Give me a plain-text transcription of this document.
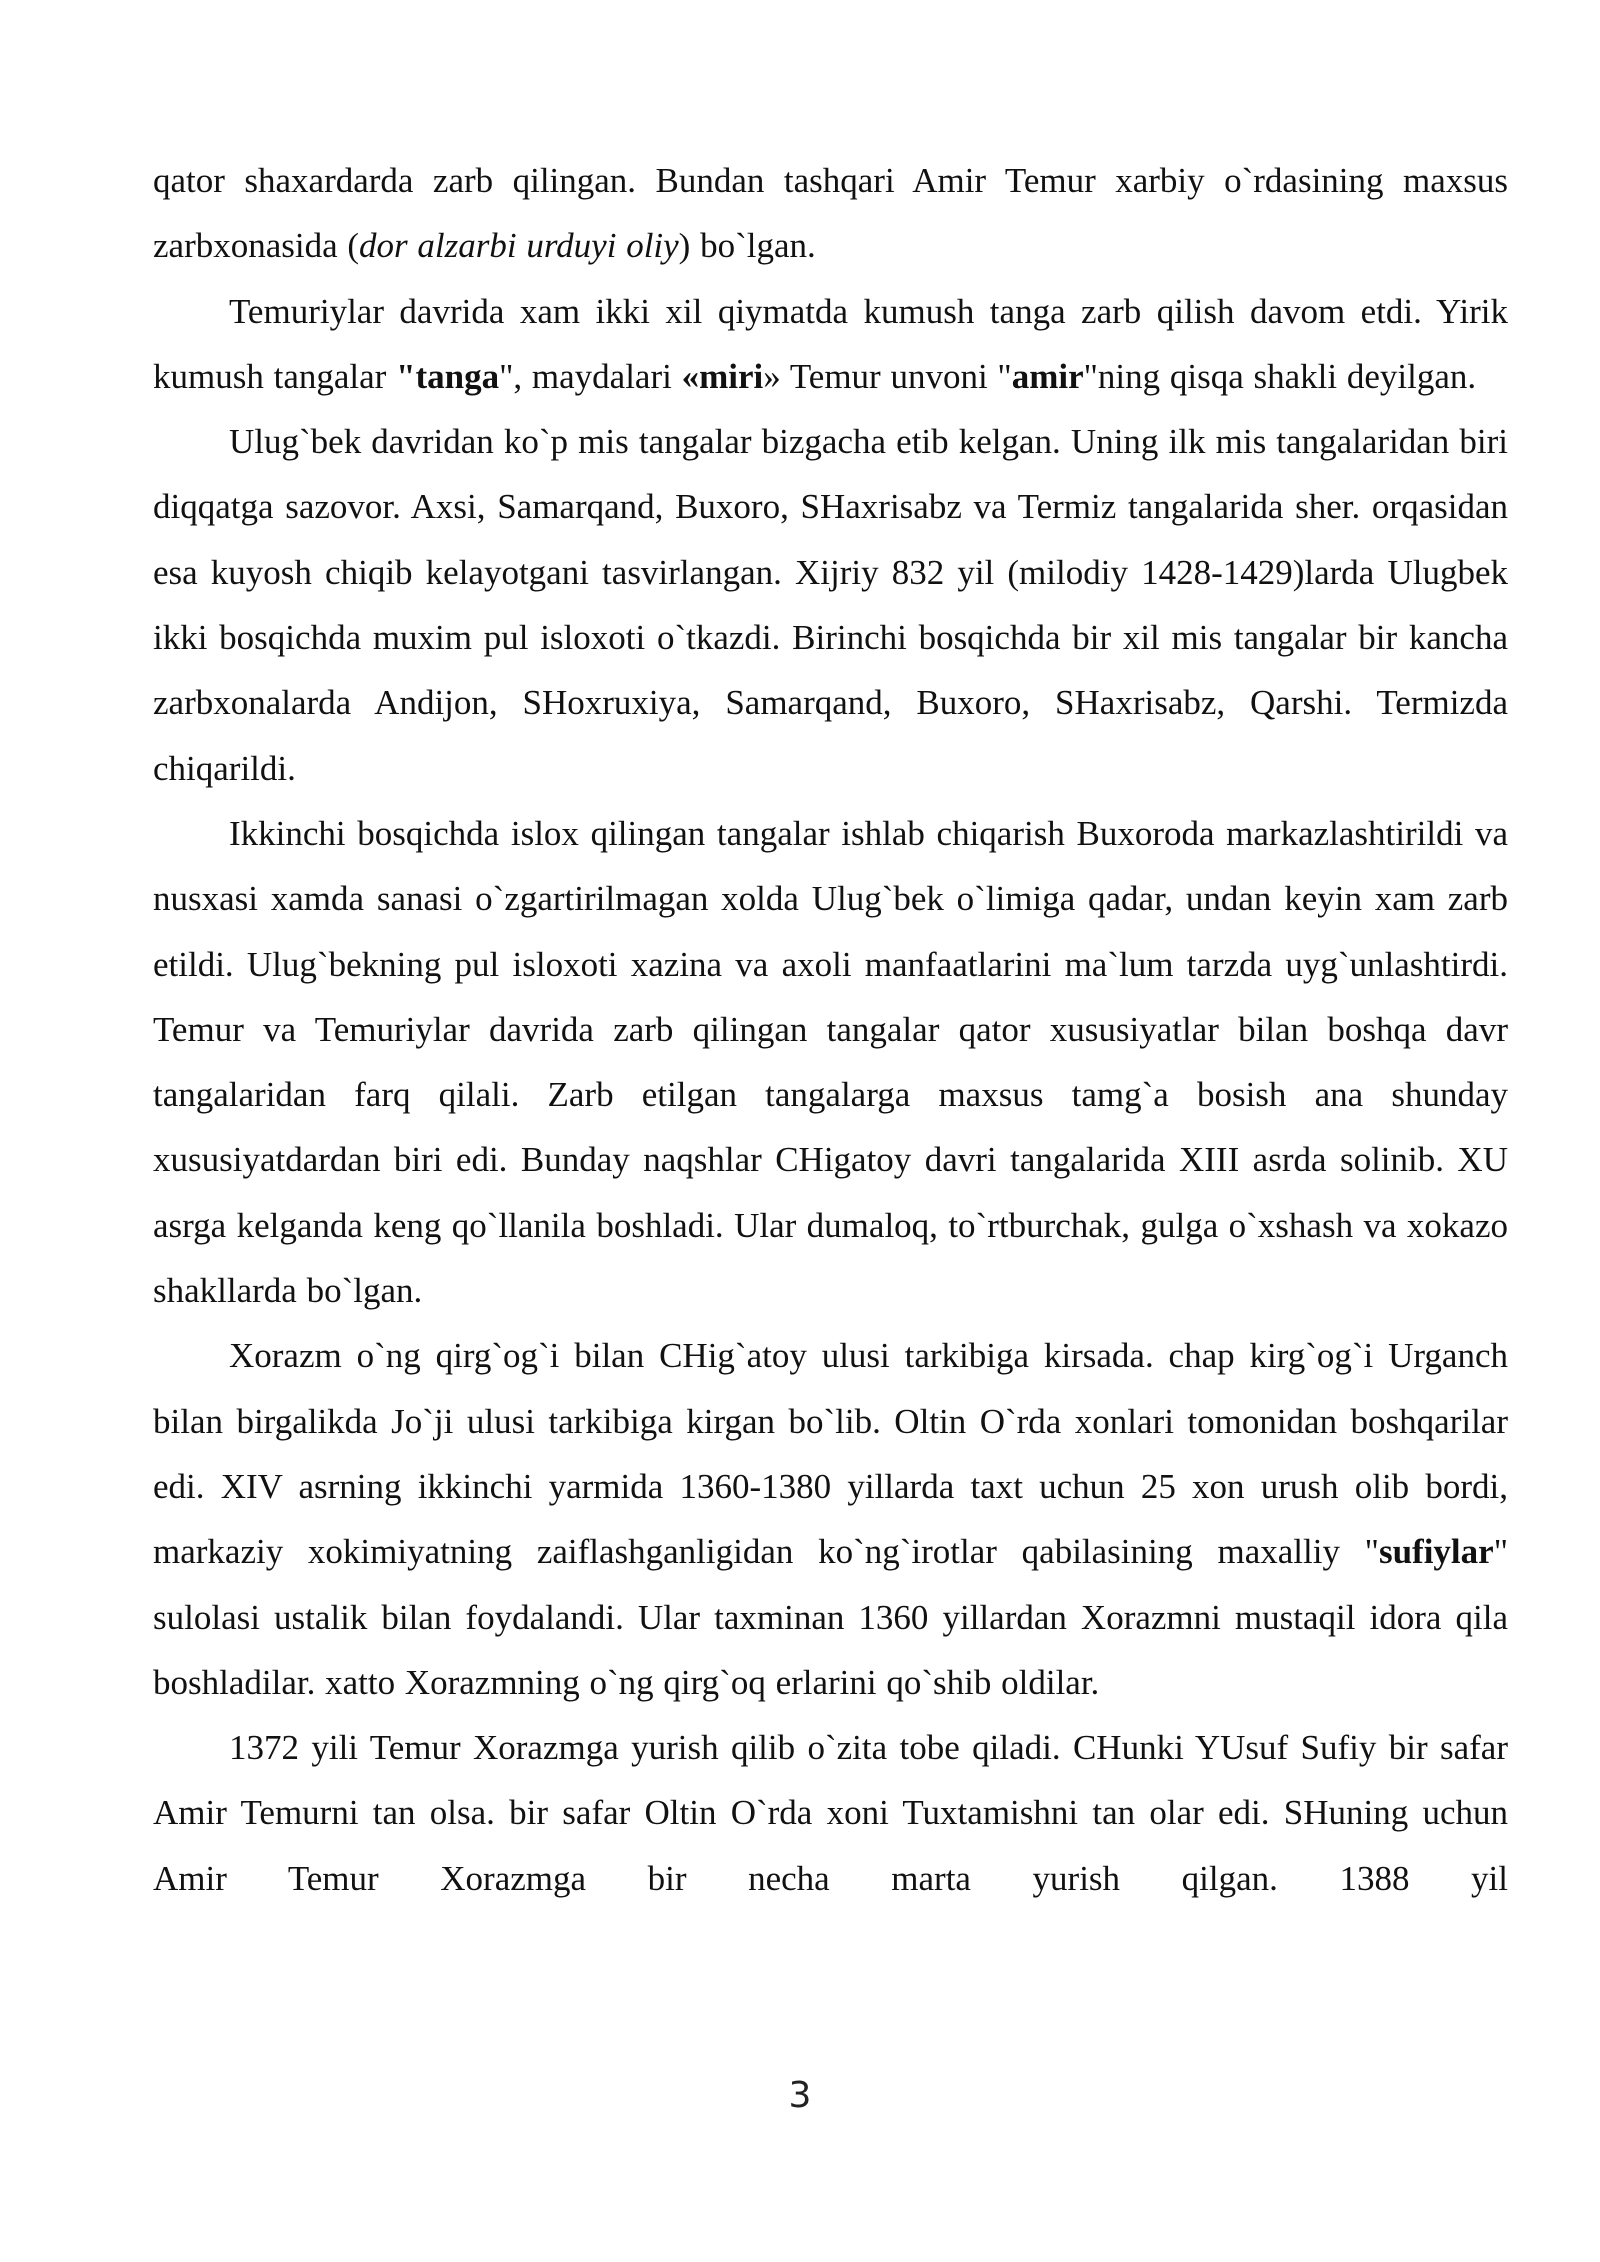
qator shaxardarda zarb qilingan. Bundan tashqari Amir Temur xarbiy o`rdasining maxsus zarbxonasida (dor alzarbi urduyi oliy) bo`lgan.

Temuriylar davrida xam ikki xil qiymatda kumush tanga zarb qilish davom etdi. Yirik kumush tangalar "tanga", maydalari «miri» Temur unvoni "amir"ning qisqa shakli deyilgan.

Ulug`bek davridan ko`p mis tangalar bizgacha etib kelgan. Uning ilk mis tangalaridan biri diqqatga sazovor. Axsi, Samarqand, Buxoro, SHaxrisabz va Termiz tangalarida sher. orqasidan esa kuyosh chiqib kelayotgani tasvirlangan. Xijriy 832 yil (milodiy 1428-1429)larda Ulugbek ikki bosqichda muxim pul isloxoti o`tkazdi. Birinchi bosqichda bir xil mis tangalar bir kancha zarbxonalarda Andijon, SHoxruxiya, Samarqand, Buxoro, SHaxrisabz, Qarshi. Termizda chiqarildi.

Ikkinchi bosqichda islox qilingan tangalar ishlab chiqarish Buxoroda markazlashtirildi va nusxasi xamda sanasi o`zgartirilmagan xolda Ulug`bek o`limiga qadar, undan keyin xam zarb etildi. Ulug`bekning pul isloxoti xazina va axoli manfaatlarini ma`lum tarzda uyg`unlashtirdi. Temur va Temuriylar davrida zarb qilingan tangalar qator xususiyatlar bilan boshqa davr tangalaridan farq qilali. Zarb etilgan tangalarga maxsus tamg`a bosish ana shunday xususiyatdardan biri edi. Bunday naqshlar CHigatoy davri tangalarida XIII asrda solinib. XU asrga kelganda keng qo`llanila boshladi. Ular dumaloq, to`rtburchak, gulga o`xshash va xokazo shakllarda bo`lgan.

Xorazm o`ng qirg`og`i bilan CHig`atoy ulusi tarkibiga kirsada. chap kirg`og`i Urganch bilan birgalikda Jo`ji ulusi tarkibiga kirgan bo`lib. Oltin O`rda xonlari tomonidan boshqarilar edi. XIV asrning ikkinchi yarmida 1360-1380 yillarda taxt uchun 25 xon urush olib bordi, markaziy xokimiyatning zaiflashganligidan ko`ng`irotlar qabilasining maxalliy "sufiylar" sulolasi ustalik bilan foydalandi. Ular taxminan 1360 yillardan Xorazmni mustaqil idora qila boshladilar. xatto Xorazmning o`ng qirg`oq erlarini qo`shib oldilar.

1372 yili Temur Xorazmga yurish qilib o`zita tobe qiladi. CHunki YUsuf Sufiy bir safar Amir Temurni tan olsa. bir safar Oltin O`rda xoni Tuxtamishni tan olar edi. SHuning uchun Amir Temur Xorazmga bir necha marta yurish qilgan. 1388 yil

3
